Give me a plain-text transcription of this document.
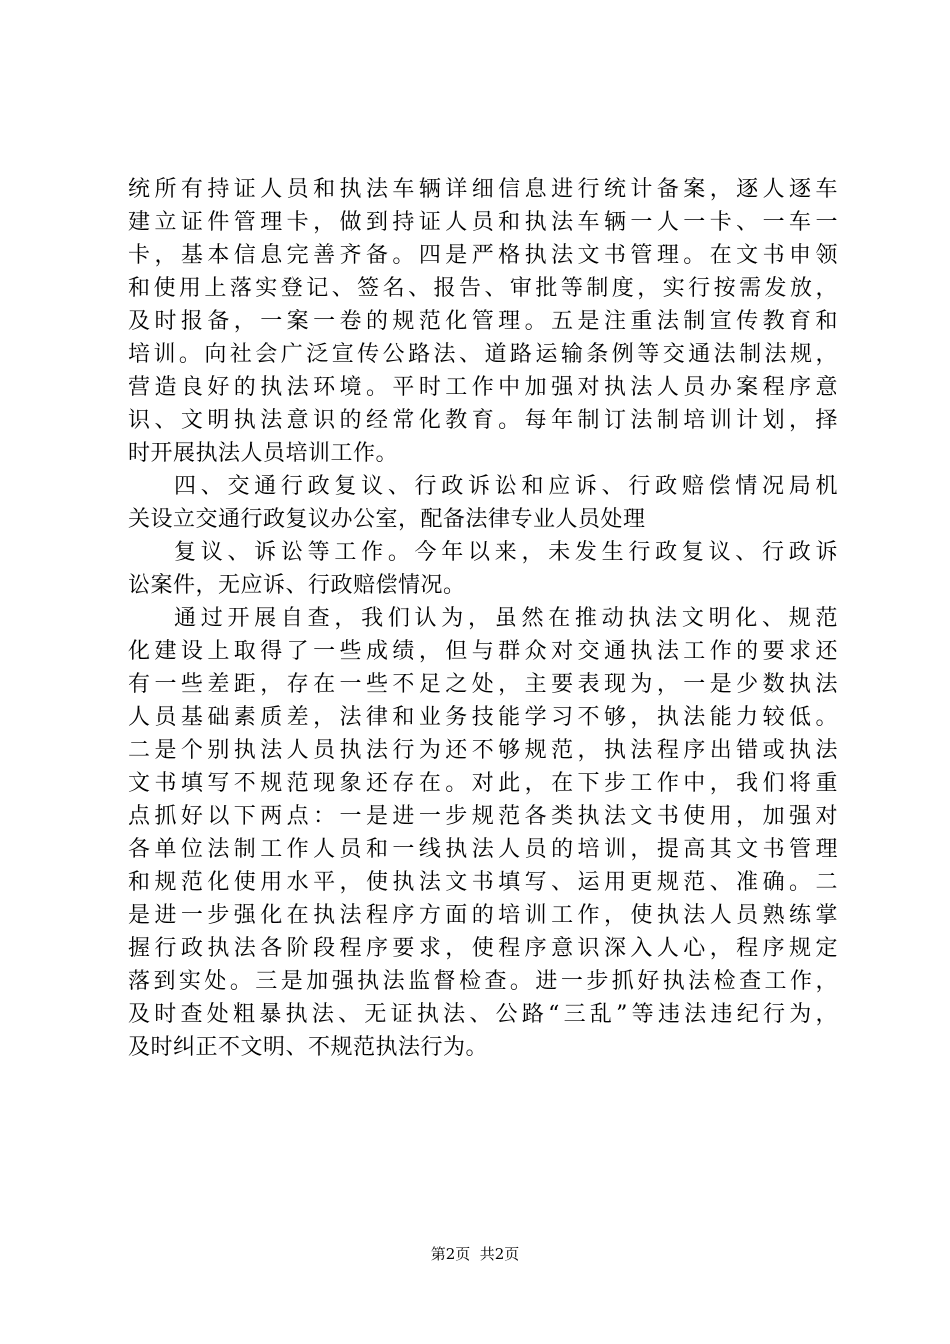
统所有持证人员和执法车辆详细信息进行统计备案，逐人逐车
建立证件管理卡，做到持证人员和执法车辆一人一卡、一车一
卡，基本信息完善齐备。四是严格执法文书管理。在文书申领
和使用上落实登记、签名、报告、审批等制度，实行按需发放，
及时报备，一案一卷的规范化管理。五是注重法制宣传教育和
培训。向社会广泛宣传公路法、道路运输条例等交通法制法规，
营造良好的执法环境。平时工作中加强对执法人员办案程序意
识、文明执法意识的经常化教育。每年制订法制培训计划，择
时开展执法人员培训工作。
四、交通行政复议、行政诉讼和应诉、行政赔偿情况局机
关设立交通行政复议办公室，配备法律专业人员处理
复议、诉讼等工作。今年以来，未发生行政复议、行政诉
讼案件，无应诉、行政赔偿情况。
通过开展自查，我们认为，虽然在推动执法文明化、规范
化建设上取得了一些成绩，但与群众对交通执法工作的要求还
有一些差距，存在一些不足之处，主要表现为，一是少数执法
人员基础素质差，法律和业务技能学习不够，执法能力较低。
二是个别执法人员执法行为还不够规范，执法程序出错或执法
文书填写不规范现象还存在。对此，在下步工作中，我们将重
点抓好以下两点：一是进一步规范各类执法文书使用，加强对
各单位法制工作人员和一线执法人员的培训，提高其文书管理
和规范化使用水平，使执法文书填写、运用更规范、准确。二
是进一步强化在执法程序方面的培训工作，使执法人员熟练掌
握行政执法各阶段程序要求，使程序意识深入人心，程序规定
落到实处。三是加强执法监督检查。进一步抓好执法检查工作，
及时查处粗暴执法、无证执法、公路“三乱”等违法违纪行为，
及时纠正不文明、不规范执法行为。
第2页  共2页
